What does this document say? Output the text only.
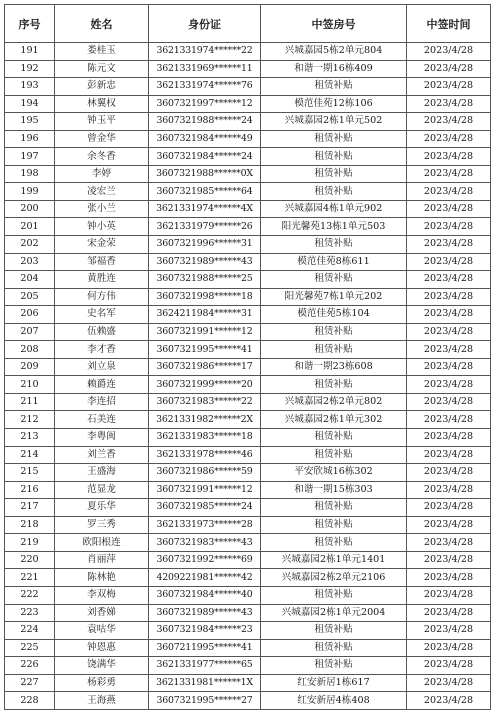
序号	姓名	身份证	中签房号	中签时间
191	娄桂玉	3621331974******22	兴城嘉园5栋2单元804	2023/4/28
192	陈元文	3621331969******11	和谐一期16栋409	2023/4/28
193	彭新忠	3621331974******76	租赁补贴	2023/4/28
194	林翼权	3607321997******12	模范佳苑12栋106	2023/4/28
195	钟玉平	3607321988******24	兴城嘉园2栋1单元502	2023/4/28
196	曾金华	3607321984******49	租赁补贴	2023/4/28
197	余冬香	3607321984******24	租赁补贴	2023/4/28
198	李婷	3607321988******0X	租赁补贴	2023/4/28
199	凌宏兰	3607321985******64	租赁补贴	2023/4/28
200	张小兰	3621331974******4X	兴城嘉园4栋1单元902	2023/4/28
201	钟小英	3621331979******26	阳光馨苑13栋1单元503	2023/4/28
202	宋金荣	3607321996******31	租赁补贴	2023/4/28
203	邹福香	3607321989******43	模范佳苑8栋611	2023/4/28
204	黄胜连	3607321988******25	租赁补贴	2023/4/28
205	何方伟	3607321998******18	阳光馨苑7栋1单元202	2023/4/28
206	史名军	3624211984******31	模范佳苑5栋104	2023/4/28
207	伍赖盛	3607321991******12	租赁补贴	2023/4/28
208	李才香	3607321995******41	租赁补贴	2023/4/28
209	刘立泉	3607321986******17	和谐一期23栋608	2023/4/28
210	赖爵连	3607321999******20	租赁补贴	2023/4/28
211	李连招	3607321983******22	兴城嘉园2栋2单元802	2023/4/28
212	石美连	3621331982******2X	兴城嘉园2栋1单元302	2023/4/28
213	李粤闽	3621331983******18	租赁补贴	2023/4/28
214	刘兰香	3621331978******46	租赁补贴	2023/4/28
215	王盛海	3607321986******59	平安欣城16栋302	2023/4/28
216	范显龙	3607321991******12	和谐一期15栋303	2023/4/28
217	夏乐华	3607321985******24	租赁补贴	2023/4/28
218	罗三秀	3621331973******28	租赁补贴	2023/4/28
219	欧阳根连	3607321983******43	租赁补贴	2023/4/28
220	肖丽萍	3607321992******69	兴城嘉园2栋1单元1401	2023/4/28
221	陈林艳	4209221981******42	兴城嘉园2栋2单元2106	2023/4/28
222	李双梅	3607321984******40	租赁补贴	2023/4/28
223	刘香娣	3607321989******43	兴城嘉园2栋1单元2004	2023/4/28
224	袁咕华	3607321984******23	租赁补贴	2023/4/28
225	钟恩惠	3607211995******41	租赁补贴	2023/4/28
226	饶满华	3621331977******65	租赁补贴	2023/4/28
227	杨彩勇	3621331981******1X	红安新居1栋617	2023/4/28
228	王海燕	3607321995******27	红安新居4栋408	2023/4/28
